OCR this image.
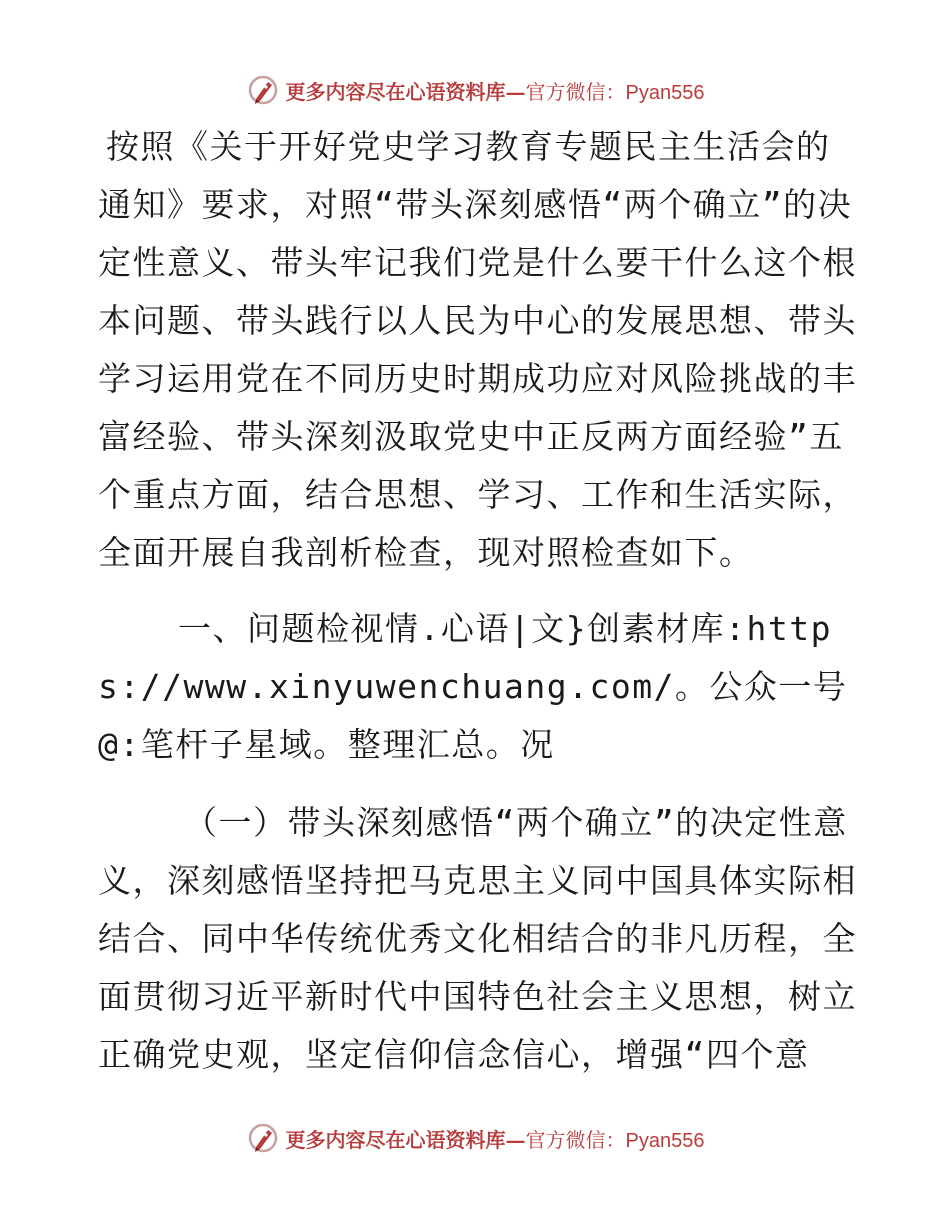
更多内容尽在心语资料库— 官方微信：Pyan556

按照《关于开好党史学习教育专题民主生活会的通知》要求，对照“带头深刻感悟“两个确立”的决定性意义、带头牢记我们党是什么要干什么这个根本问题、带头践行以人民为中心的发展思想、带头学习运用党在不同历史时期成功应对风险挑战的丰富经验、带头深刻汲取党史中正反两方面经验”五个重点方面，结合思想、学习、工作和生活实际，全面开展自我剖析检查，现对照检查如下。

一、问题检视情.心语|文}创素材库:https://www.xinyuwenchuang.com/。公众一号@:笔杆子星域。整理汇总。况

（一）带头深刻感悟“两个确立”的决定性意义，深刻感悟坚持把马克思主义同中国具体实际相结合、同中华传统优秀文化相结合的非凡历程，全面贯彻习近平新时代中国特色社会主义思想，树立正确党史观，坚定信仰信念信心，增强“四个意

更多内容尽在心语资料库— 官方微信：Pyan556
